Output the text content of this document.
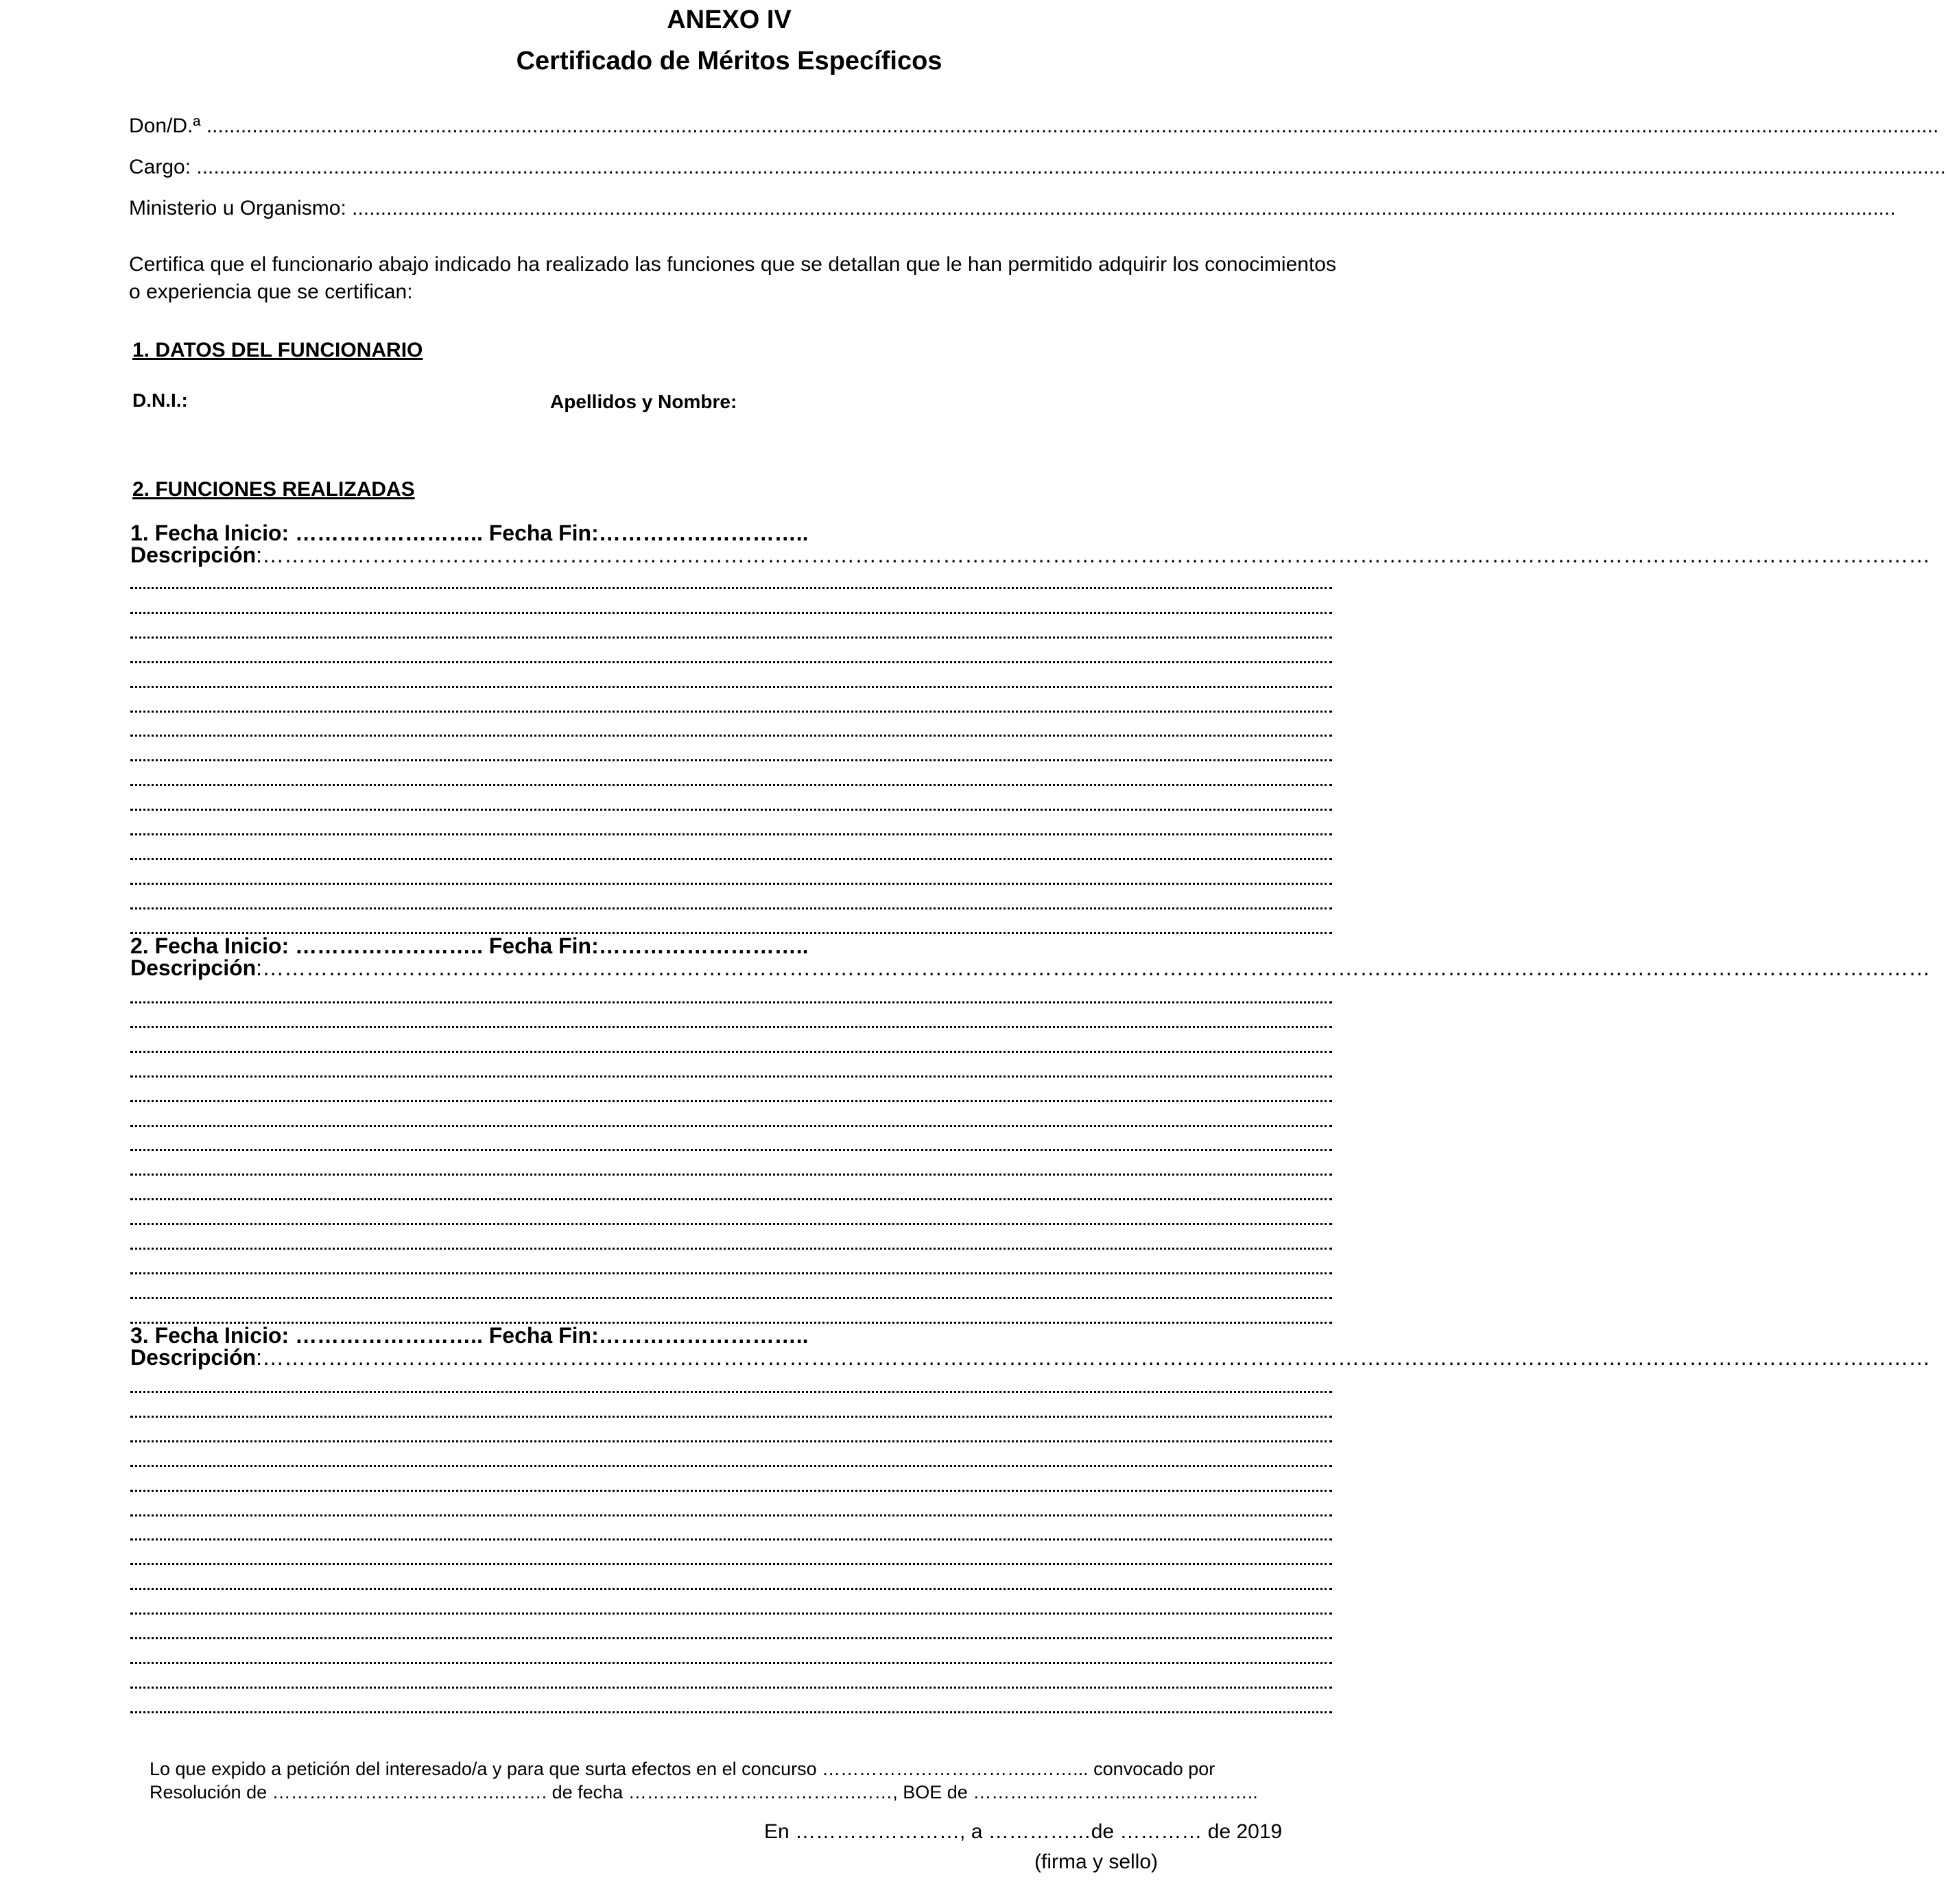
ANEXO IV
Certificado de Méritos Específicos
Don/D.ª ...............................................................................................................................................................................................................................................................................................................
Cargo: ..................................................................................................................................................................................................................................................................................................................
Ministerio u Organismo: ..............................................................................................................................................................................................................................................................................
Certifica que el funcionario abajo indicado ha realizado las funciones que se detallan que le han permitido adquirir los conocimientos o experiencia que se certifican:
1. DATOS DEL FUNCIONARIO
D.N.I.:	Apellidos y Nombre:
2. FUNCIONES REALIZADAS
1. Fecha Inicio: …………………….. Fecha Fin:………………………..
Descripción:…………………………………………………………………………………………………………………………………………………………………………………………………………
2. Fecha Inicio: …………………….. Fecha Fin:………………………..
Descripción:…………………………………………………………………………………………………………………………………………………………………………………………………………
3. Fecha Inicio: …………………….. Fecha Fin:………………………..
Descripción:…………………………………………………………………………………………………………………………………………………………………………………………………………
Lo que expido a petición del interesado/a y para que surta efectos en el concurso ……………………………..……... convocado por
Resolución de ………………………………..……. de fecha ……………………………….……, BOE de ……………………...………………..
En ……………………, a ……………de ………… de 2019
(firma y sello)
